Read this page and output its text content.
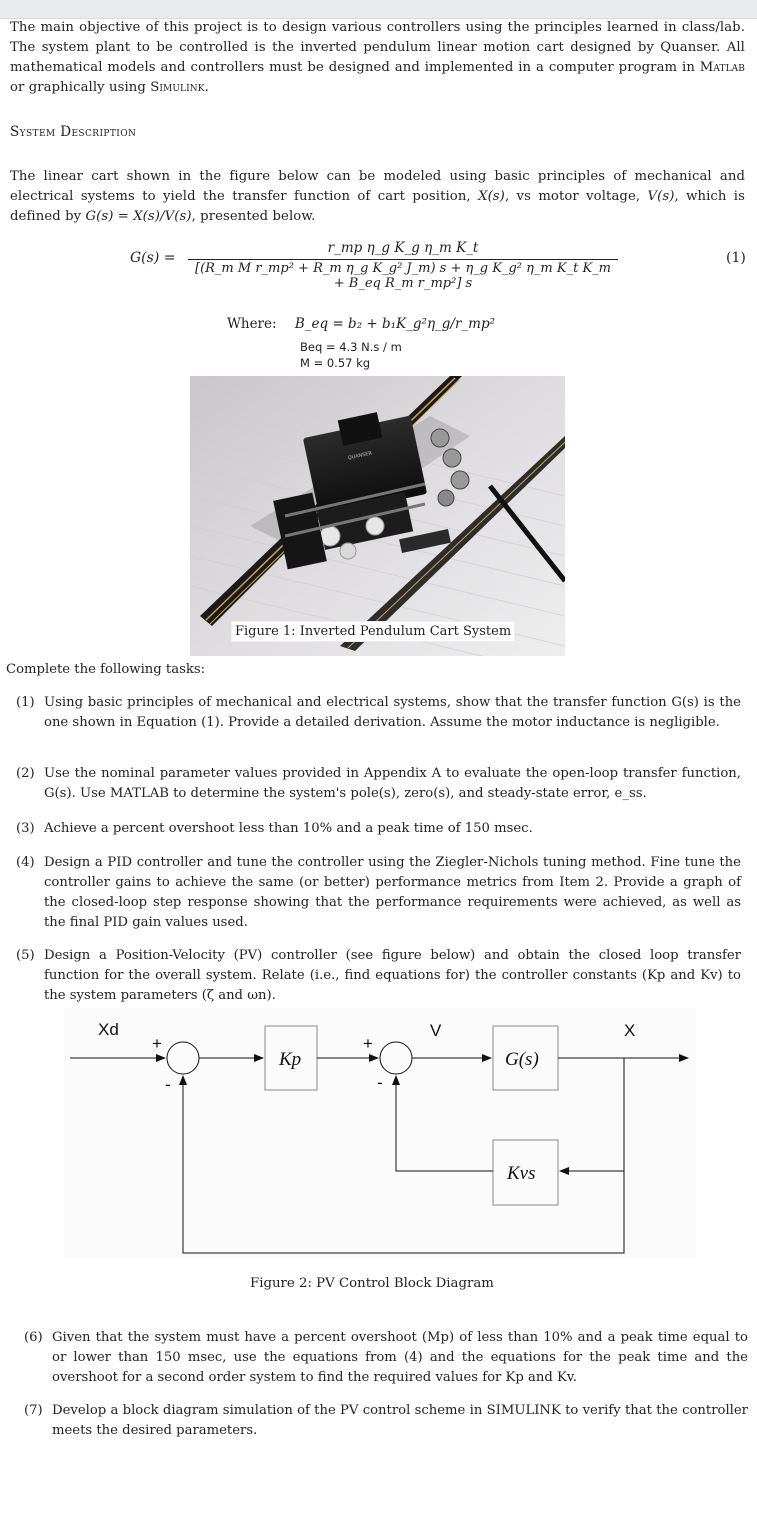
The main objective of this project is to design various controllers using the principles learned in class/lab. The system plant to be controlled is the inverted pendulum linear motion cart designed by Quanser. All mathematical models and controllers must be designed and implemented in a computer program in Matlab or graphically using Simulink.
System Description
The linear cart shown in the figure below can be modeled using basic principles of mechanical and electrical systems to yield the transfer function of cart position, X(s), vs motor voltage, V(s), which is defined by G(s) = X(s)/V(s), presented below.
G(s) =
r_mp η_g K_g η_m K_t
[(R_m M r_mp² + R_m η_g K_g² J_m) s + η_g K_g² η_m K_t K_m + B_eq R_m r_mp²] s
(1)
Where: B_eq = b₂ + b₁K_g²η_g/r_mp²
Beq = 4.3 N.s / m
M = 0.57 kg
QUANSER
Figure 1: Inverted Pendulum Cart System
Complete the following tasks:
(1) Using basic principles of mechanical and electrical systems, show that the transfer function G(s) is the one shown in Equation (1). Provide a detailed derivation. Assume the motor inductance is negligible.
(2) Use the nominal parameter values provided in Appendix A to evaluate the open-loop transfer function, G(s). Use MATLAB to determine the system's pole(s), zero(s), and steady-state error, e_ss.
(3) Achieve a percent overshoot less than 10% and a peak time of 150 msec.
(4) Design a PID controller and tune the controller using the Ziegler-Nichols tuning method. Fine tune the controller gains to achieve the same (or better) performance metrics from Item 2. Provide a graph of the closed-loop step response showing that the performance requirements were achieved, as well as the final PID gain values used.
(5) Design a Position-Velocity (PV) controller (see figure below) and obtain the closed loop transfer function for the overall system. Relate (i.e., find equations for) the controller constants (Kp and Kv) to the system parameters (ζ and ωn).
Xd
+
-
+
-
V	X
Kp	G(s)
Kvs
Figure 2: PV Control Block Diagram
(6) Given that the system must have a percent overshoot (Mp) of less than 10% and a peak time equal to or lower than 150 msec, use the equations from (4) and the equations for the peak time and the overshoot for a second order system to find the required values for Kp and Kv.
(7) Develop a block diagram simulation of the PV control scheme in SIMULINK to verify that the controller meets the desired parameters.
